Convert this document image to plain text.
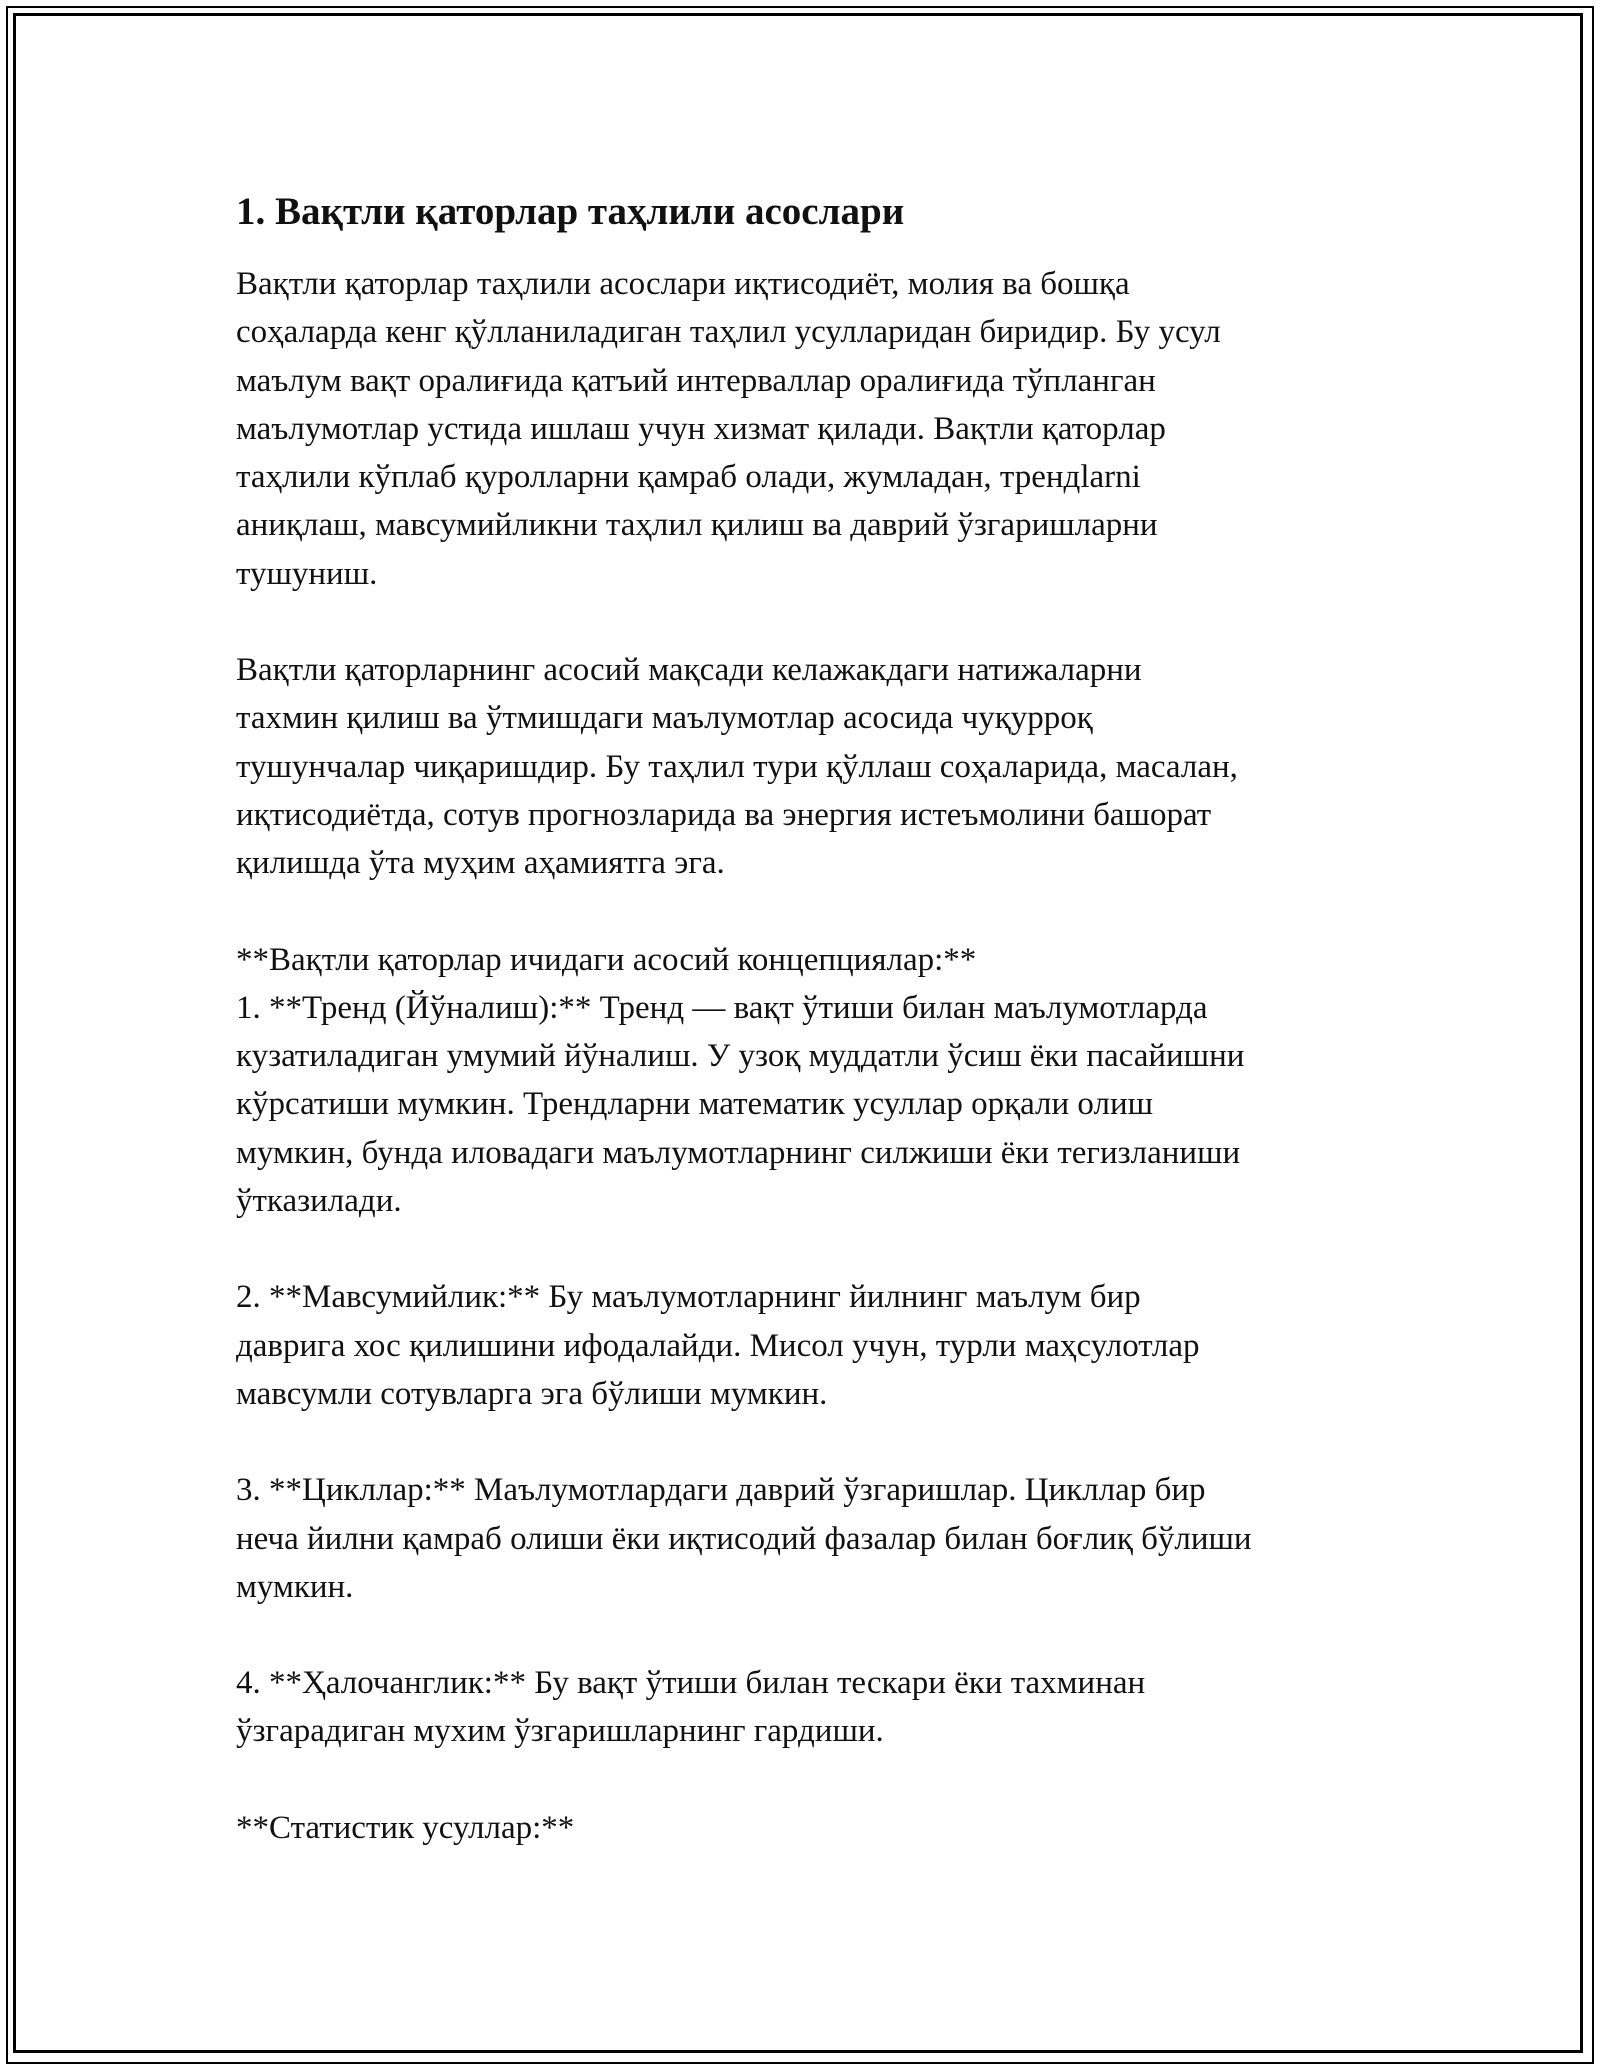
1. Вақтли қаторлар таҳлили асослари

Вақтли қаторлар таҳлили асослари иқтисодиёт, молия ва бошқа
соҳаларда кенг қўлланиладиган таҳлил усулларидан биридир. Бу усул
маълум вақт оралиғида қатъий интерваллар оралиғида тўпланган
маълумотлар устида ишлаш учун хизмат қилади. Вақтли қаторлар
таҳлили кўплаб қуролларни қамраб олади, жумладан, трендlarni
аниқлаш, мавсумийликни таҳлил қилиш ва даврий ўзгаришларни
тушуниш.

Вақтли қаторларнинг асосий мақсади келажакдаги натижаларни
тахмин қилиш ва ўтмишдаги маълумотлар асосида чуқурроқ
тушунчалар чиқаришдир. Бу таҳлил тури қўллаш соҳаларида, масалан,
иқтисодиётда, сотув прогнозларида ва энергия истеъмолини башорат
қилишда ўта муҳим аҳамиятга эга.

**Вақтли қаторлар ичидаги асосий концепциялар:**
1. **Тренд (Йўналиш):** Тренд — вақт ўтиши билан маълумотларда
кузатиладиган умумий йўналиш. У узоқ муддатли ўсиш ёки пасайишни
кўрсатиши мумкин. Трендларни математик усуллар орқали олиш
мумкин, бунда иловадаги маълумотларнинг силжиши ёки тегизланиши
ўтказилади.

2. **Мавсумийлик:** Бу маълумотларнинг йилнинг маълум бир
даврига хос қилишини ифодалайди. Мисол учун, турли маҳсулотлар
мавсумли сотувларга эга бўлиши мумкин.

3. **Цикллар:** Маълумотлардаги даврий ўзгаришлар. Цикллар бир
неча йилни қамраб олиши ёки иқтисодий фазалар билан боғлиқ бўлиши
мумкин.

4. **Ҳалочанглик:** Бу вақт ўтиши билан тескари ёки тахминан
ўзгарадиган мухим ўзгаришларнинг гардиши.

**Статистик усуллар:**
